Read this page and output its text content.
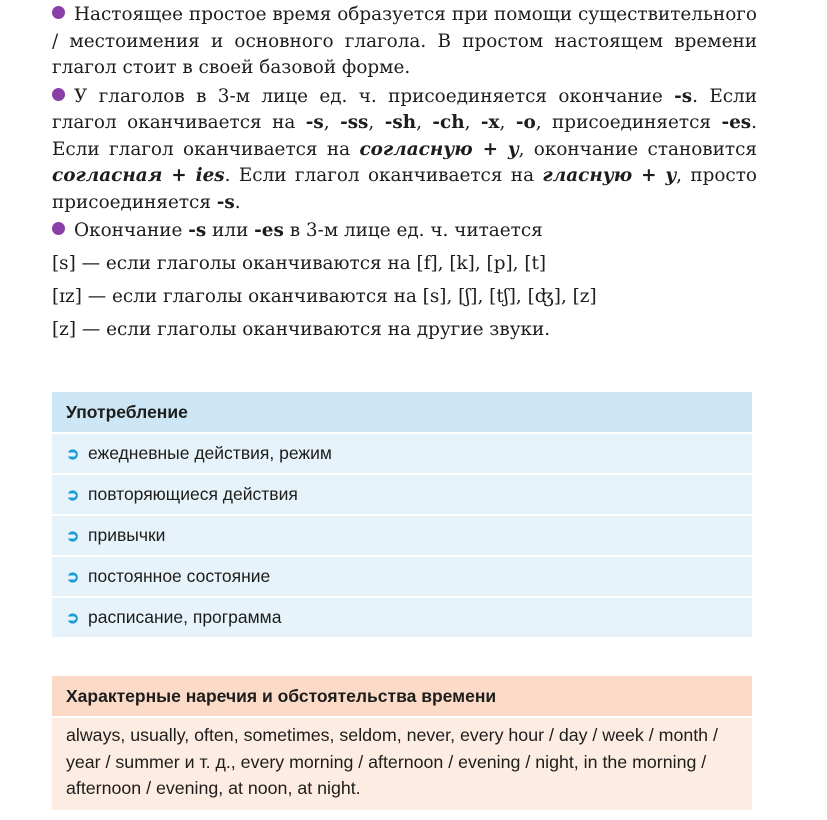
Настоящее простое время образуется при помощи существительного / местоимения и основного глагола. В простом настоящем времени глагол стоит в своей базовой форме.

У глаголов в 3-м лице ед. ч. присоединяется окончание -s. Если глагол оканчивается на -s, -ss, -sh, -ch, -x, -o, присоединяется -es. Если глагол оканчивается на согласную + y, окончание становится согласная + ies. Если глагол оканчивается на гласную + y, просто присоединяется -s.

Окончание -s или -es в 3-м лице ед. ч. читается

[s] — если глаголы оканчиваются на [f], [k], [p], [t]

[ɪz] — если глаголы оканчиваются на [s], [ʃ], [tʃ], [ʤ], [z]

[z] — если глаголы оканчиваются на другие звуки.

Употребление
➲ ежедневные действия, режим
➲ повторяющиеся действия
➲ привычки
➲ постоянное состояние
➲ расписание, программа
Характерные наречия и обстоятельства времени
always, usually, often, sometimes, seldom, never, every hour / day / week / month / year / summer и т. д., every morning / afternoon / evening / night, in the morning / afternoon / evening, at noon, at night.
